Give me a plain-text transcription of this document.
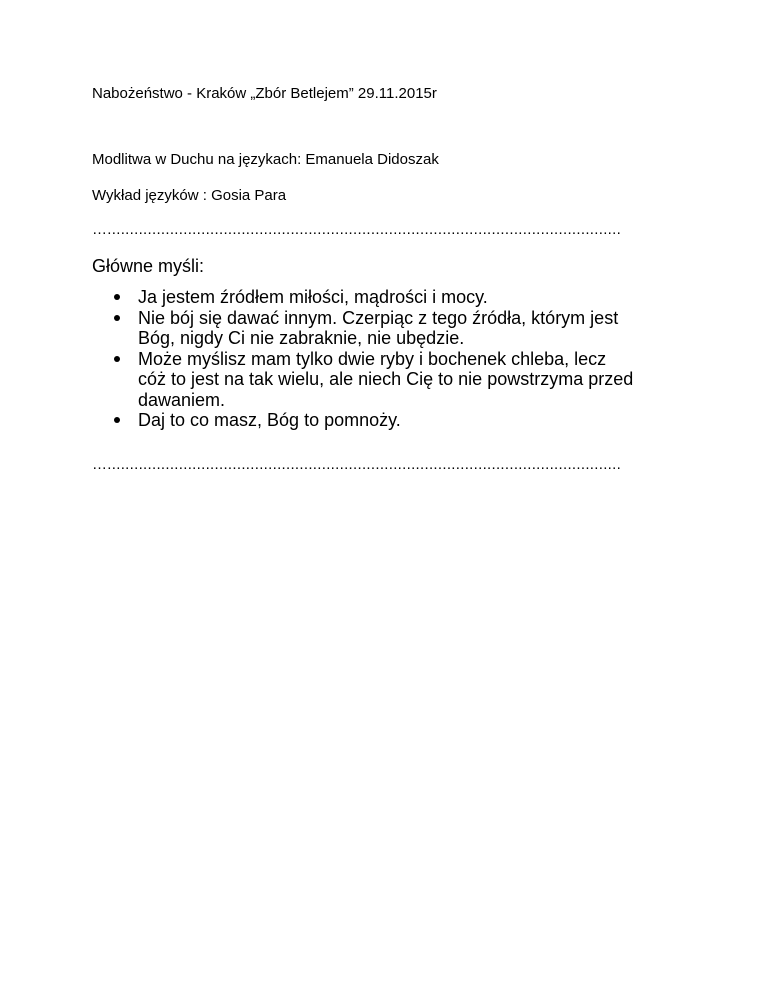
Nabożeństwo - Kraków „Zbór Betlejem” 29.11.2015r
Modlitwa w Duchu na językach: Emanuela Didoszak
Wykład języków : Gosia Para
…...................................................................................................................
Główne myśli:
Ja jestem źródłem miłości, mądrości i mocy.
Nie bój się dawać innym. Czerpiąc z tego źródła, którym jest
Bóg, nigdy Ci nie zabraknie, nie ubędzie.
Może myślisz mam tylko dwie ryby i bochenek chleba, lecz
cóż to jest na tak wielu, ale niech Cię to nie powstrzyma przed
dawaniem.
Daj to co masz, Bóg to pomnoży.
…...................................................................................................................
